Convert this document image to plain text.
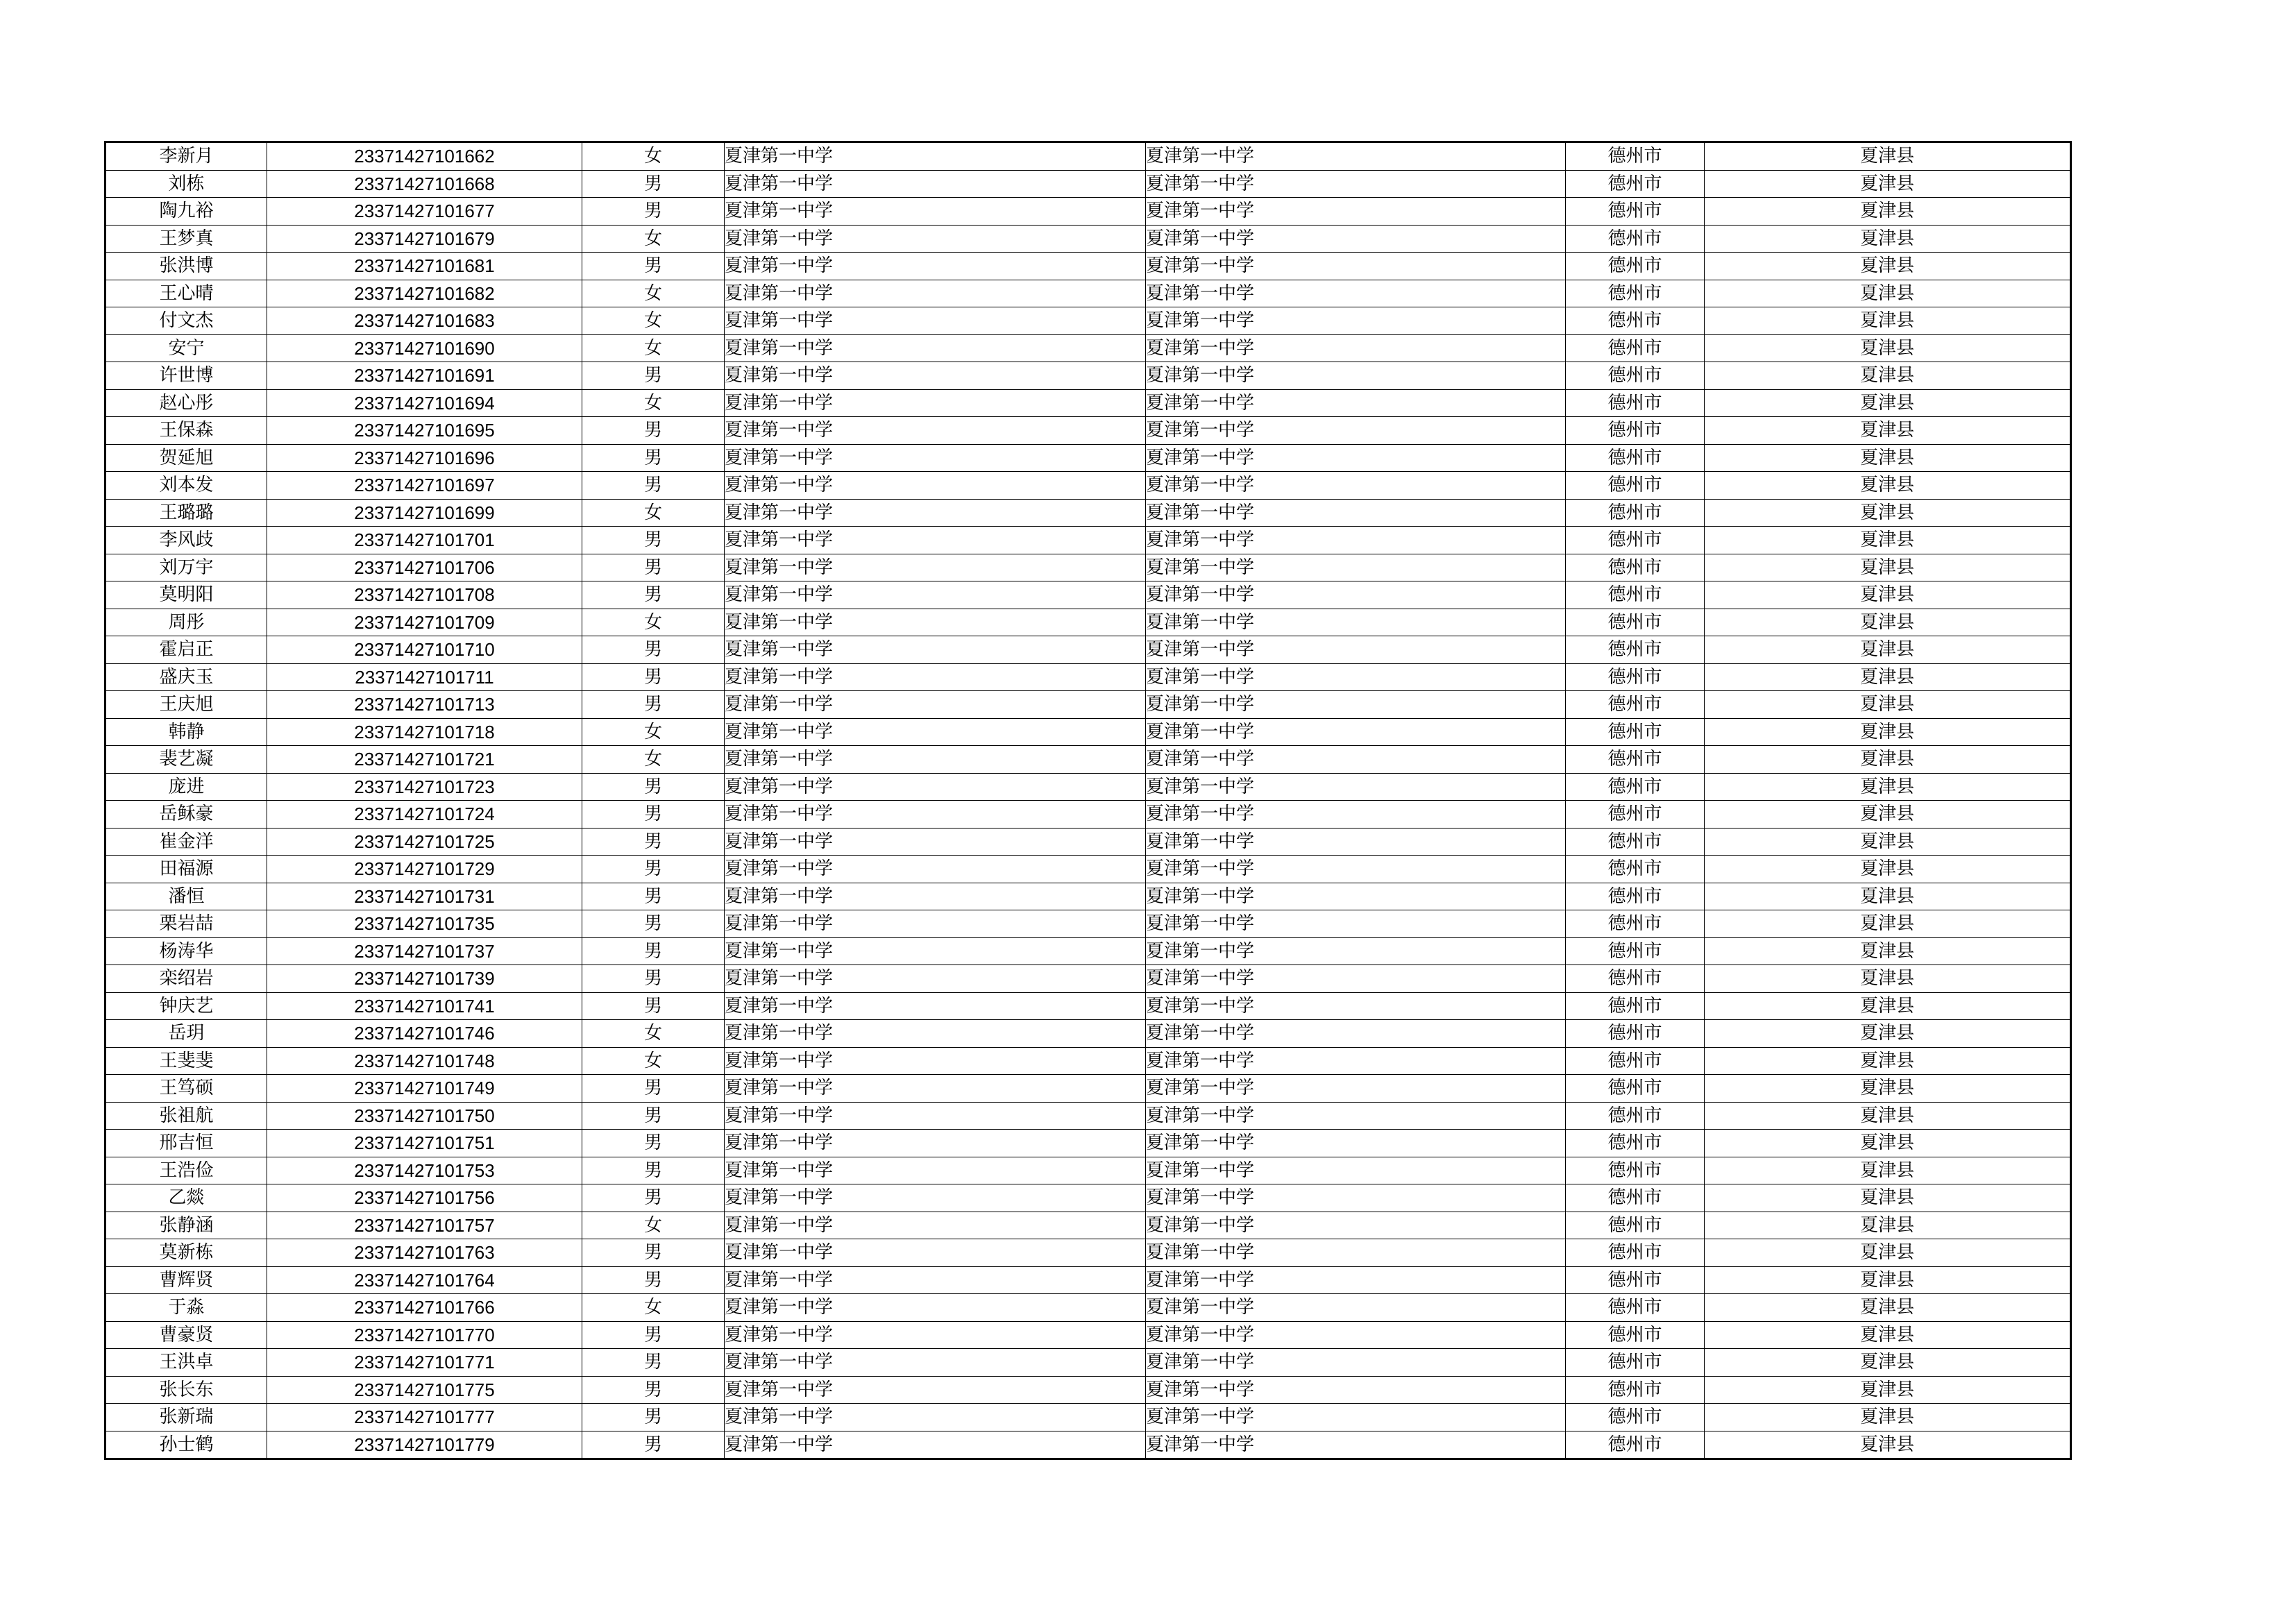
李新月	23371427101662	女	夏津第一中学	夏津第一中学	德州市	夏津县
刘栋	23371427101668	男	夏津第一中学	夏津第一中学	德州市	夏津县
陶九裕	23371427101677	男	夏津第一中学	夏津第一中学	德州市	夏津县
王梦真	23371427101679	女	夏津第一中学	夏津第一中学	德州市	夏津县
张洪博	23371427101681	男	夏津第一中学	夏津第一中学	德州市	夏津县
王心晴	23371427101682	女	夏津第一中学	夏津第一中学	德州市	夏津县
付文杰	23371427101683	女	夏津第一中学	夏津第一中学	德州市	夏津县
安宁	23371427101690	女	夏津第一中学	夏津第一中学	德州市	夏津县
许世博	23371427101691	男	夏津第一中学	夏津第一中学	德州市	夏津县
赵心彤	23371427101694	女	夏津第一中学	夏津第一中学	德州市	夏津县
王保森	23371427101695	男	夏津第一中学	夏津第一中学	德州市	夏津县
贺延旭	23371427101696	男	夏津第一中学	夏津第一中学	德州市	夏津县
刘本发	23371427101697	男	夏津第一中学	夏津第一中学	德州市	夏津县
王璐璐	23371427101699	女	夏津第一中学	夏津第一中学	德州市	夏津县
李风歧	23371427101701	男	夏津第一中学	夏津第一中学	德州市	夏津县
刘万宇	23371427101706	男	夏津第一中学	夏津第一中学	德州市	夏津县
莫明阳	23371427101708	男	夏津第一中学	夏津第一中学	德州市	夏津县
周彤	23371427101709	女	夏津第一中学	夏津第一中学	德州市	夏津县
霍启正	23371427101710	男	夏津第一中学	夏津第一中学	德州市	夏津县
盛庆玉	23371427101711	男	夏津第一中学	夏津第一中学	德州市	夏津县
王庆旭	23371427101713	男	夏津第一中学	夏津第一中学	德州市	夏津县
韩静	23371427101718	女	夏津第一中学	夏津第一中学	德州市	夏津县
裴艺凝	23371427101721	女	夏津第一中学	夏津第一中学	德州市	夏津县
庞进	23371427101723	男	夏津第一中学	夏津第一中学	德州市	夏津县
岳稣豪	23371427101724	男	夏津第一中学	夏津第一中学	德州市	夏津县
崔金洋	23371427101725	男	夏津第一中学	夏津第一中学	德州市	夏津县
田福源	23371427101729	男	夏津第一中学	夏津第一中学	德州市	夏津县
潘恒	23371427101731	男	夏津第一中学	夏津第一中学	德州市	夏津县
栗岩喆	23371427101735	男	夏津第一中学	夏津第一中学	德州市	夏津县
杨涛华	23371427101737	男	夏津第一中学	夏津第一中学	德州市	夏津县
栾绍岩	23371427101739	男	夏津第一中学	夏津第一中学	德州市	夏津县
钟庆艺	23371427101741	男	夏津第一中学	夏津第一中学	德州市	夏津县
岳玥	23371427101746	女	夏津第一中学	夏津第一中学	德州市	夏津县
王斐斐	23371427101748	女	夏津第一中学	夏津第一中学	德州市	夏津县
王笃硕	23371427101749	男	夏津第一中学	夏津第一中学	德州市	夏津县
张祖航	23371427101750	男	夏津第一中学	夏津第一中学	德州市	夏津县
邢吉恒	23371427101751	男	夏津第一中学	夏津第一中学	德州市	夏津县
王浩俭	23371427101753	男	夏津第一中学	夏津第一中学	德州市	夏津县
乙燚	23371427101756	男	夏津第一中学	夏津第一中学	德州市	夏津县
张静涵	23371427101757	女	夏津第一中学	夏津第一中学	德州市	夏津县
莫新栋	23371427101763	男	夏津第一中学	夏津第一中学	德州市	夏津县
曹辉贤	23371427101764	男	夏津第一中学	夏津第一中学	德州市	夏津县
于淼	23371427101766	女	夏津第一中学	夏津第一中学	德州市	夏津县
曹豪贤	23371427101770	男	夏津第一中学	夏津第一中学	德州市	夏津县
王洪卓	23371427101771	男	夏津第一中学	夏津第一中学	德州市	夏津县
张长东	23371427101775	男	夏津第一中学	夏津第一中学	德州市	夏津县
张新瑞	23371427101777	男	夏津第一中学	夏津第一中学	德州市	夏津县
孙士鹤	23371427101779	男	夏津第一中学	夏津第一中学	德州市	夏津县
